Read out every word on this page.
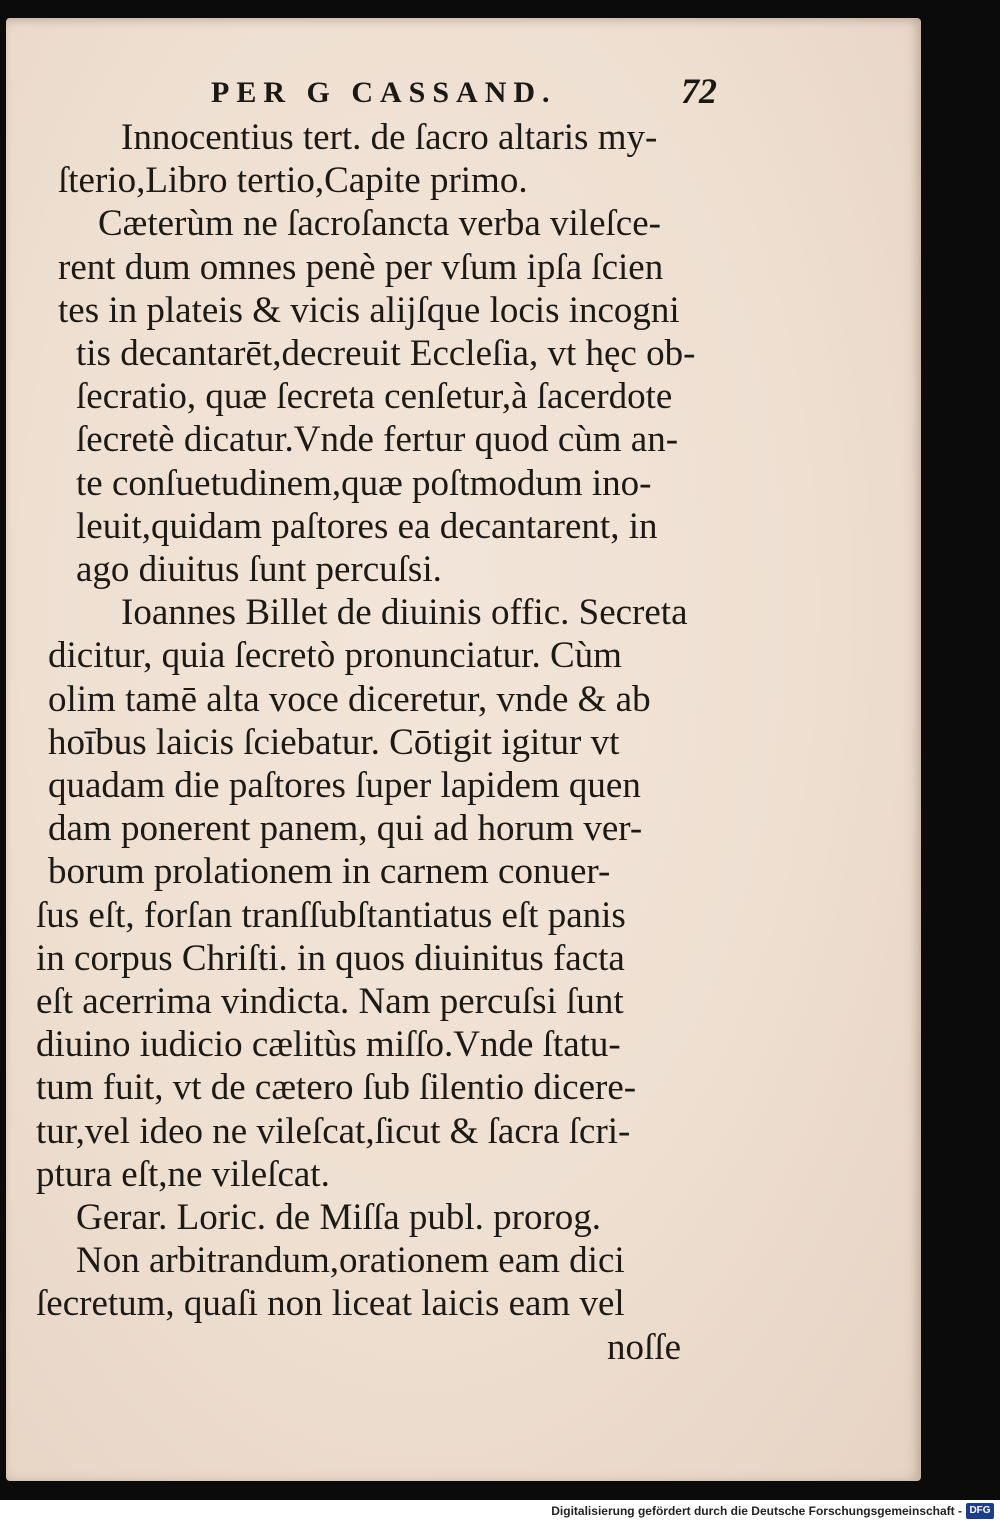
PER G CASSAND.	72
Innocentius tert. de ſacro altaris my-
ſterio,Libro tertio,Capite primo.
Cæterùm ne ſacroſancta verba vileſce-
rent dum omnes penè per vſum ipſa ſcien
tes in plateis & vicis alijſque locis incogni
tis decantarēt,decreuit Eccleſia, vt hęc ob-
ſecratio, quæ ſecreta cenſetur,à ſacerdote
ſecretè dicatur.Vnde fertur quod cùm an-
te conſuetudinem,quæ poſtmodum ino-
leuit,quidam paſtores ea decantarent, in
ago diuitus ſunt percuſsi.
Ioannes Billet de diuinis offic. Secreta
dicitur, quia ſecretò pronunciatur. Cùm
olim tamē alta voce diceretur, vnde & ab
hoībus laicis ſciebatur. Cōtigit igitur vt
quadam die paſtores ſuper lapidem quen
dam ponerent panem, qui ad horum ver-
borum prolationem in carnem conuer-
ſus eſt, forſan tranſſubſtantiatus eſt panis
in corpus Chriſti. in quos diuinitus facta
eſt acerrima vindicta. Nam percuſsi ſunt
diuino iudicio cælitùs miſſo.Vnde ſtatu-
tum fuit, vt de cætero ſub ſilentio dicere-
tur,vel ideo ne vileſcat,ſicut & ſacra ſcri-
ptura eſt,ne vileſcat.
Gerar. Loric. de Miſſa publ. prorog.
Non arbitrandum,orationem eam dici
ſecretum, quaſi non liceat laicis eam vel
noſſe
Digitalisierung gefördert durch die Deutsche Forschungsgemeinschaft - DFG
